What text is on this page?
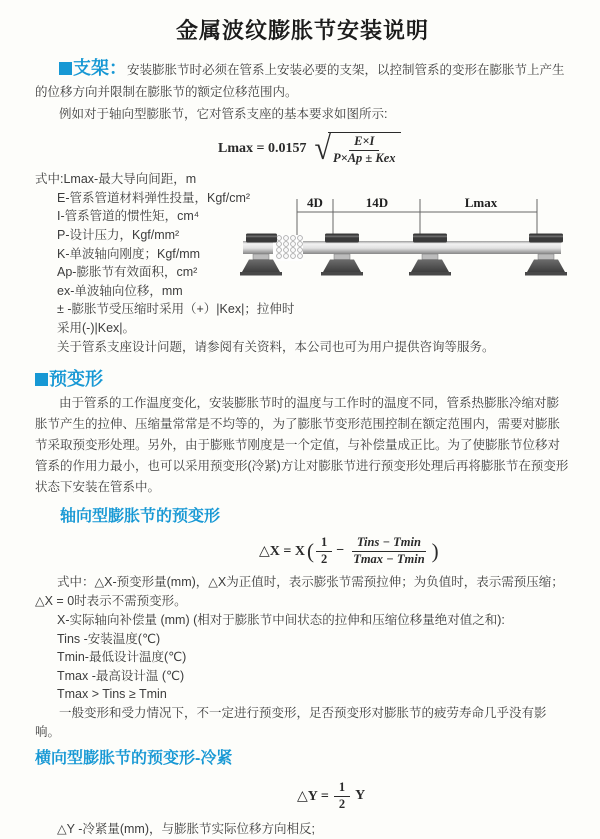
金属波纹膨胀节安装说明

支架：安装膨胀节时必须在管系上安装必要的支架，以控制管系的变形在膨胀节上产生的位移方向并限制在膨胀节的额定位移范围内。

例如对于轴向型膨胀节，它对管系支座的基本要求如图所示:

Lmax = 0.0157 √
$\frac{E\times I}{\text{P×Ap ± Kex}}$
式中:Lmax-最大导向间距，m
E-管系管道材料弹性投量，Kgf/cm²
I-管系管道的惯性矩，cm⁴
P-设计压力，Kgf/mm²
K-单波轴向刚度；Kgf/mm
Ap-膨胀节有效面积，cm²
ex-单波轴向位移，mm
± -膨胀节受压缩时采用（+）|Kex|；拉伸时采用(-)|Kex|。

关于管系支座设计问题，请参阅有关资料，本公司也可为用户提供咨询等服务。

4D	14D	Lmax
预变形

由于管系的工作温度变化，安装膨胀节时的温度与工作时的温度不同，管系热膨胀冷缩对膨胀节产生的拉伸、压缩量常常是不均等的，为了膨胀节变形范围控制在额定范围内，需要对膨胀节采取预变形处理。另外，由于膨账节刚度是一个定值，与补偿量成正比。为了使膨胀节位移对管系的作用力最小，也可以采用预变形(冷紧)方让对膨胀节进行预变形处理后再将膨胀节在预变形状态下安装在管系中。

轴向型膨胀节的预变形
△X = X ( $\frac{1}{2} - \frac{\text{Tins − Tmin}}{Tmax - Tmin}$ )

式中：△X-预变形量(mm)，△X为正值时，表示膨张节需预拉伸；为负值时，表示需预压缩；△X = 0时表示不需预变形。

X-实际轴向补偿量 (mm) (相对于膨胀节中间状态的拉伸和压缩位移量绝对值之和):
Tins -安装温度(℃)
Tmin-最低设计温度(℃)
Tmax -最高设计温 (℃)
Tmax > Tins ≥ Tmin

一般变形和受力情况下，不一定进行预变形，足否预变形对膨胀节的疲劳寿命几乎没有影响。

横向型膨胀节的预变形-冷紧
△Y = $\frac{1}{2}$ Y

△Y -冷紧量(mm)，与膨胀节实际位移方向相反;
